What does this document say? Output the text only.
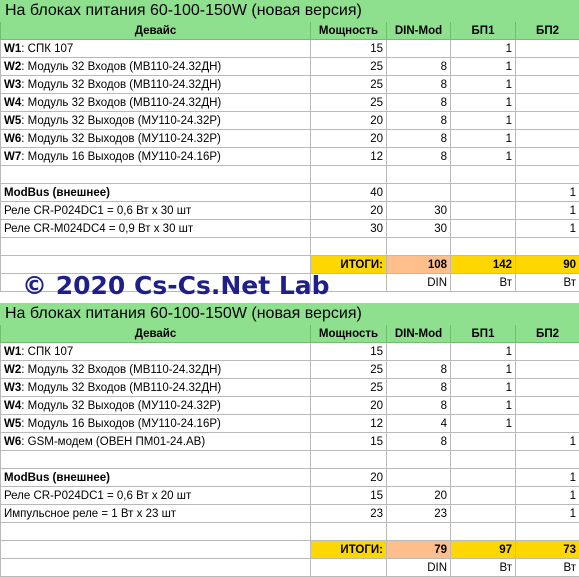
На блоках питания 60-100-150W (новая версия)				
Девайс	Мощность	DIN-Mod	БП1	БП2
W1: СПК 107	15		1	
W2: Модуль 32 Входов (МВ110-24.32ДН)	25	8	1	
W3: Модуль 32 Входов (МВ110-24.32ДН)	25	8	1	
W4: Модуль 32 Входов (МВ110-24.32ДН)	25	8	1	
W5: Модуль 32 Выходов (МУ110-24.32Р)	20	8	1	
W6: Модуль 32 Выходов (МУ110-24.32Р)	20	8	1	
W7: Модуль 16 Выходов (МУ110-24.16Р)	12	8	1	

ModBus (внешнее)	40			1
Реле CR-P024DC1 = 0,6 Вт x 30 шт	20	30		1
Реле CR-M024DC4 = 0,9 Вт x 30 шт	30	30		1

	ИТОГИ:	108	142	90
		DIN	Вт	Вт
© 2020 Cs-Cs.Net Lab
На блоках питания 60-100-150W (новая версия)				
Девайс	Мощность	DIN-Mod	БП1	БП2
W1: СПК 107	15		1	
W2: Модуль 32 Входов (МВ110-24.32ДН)	25	8	1	
W3: Модуль 32 Входов (МВ110-24.32ДН)	25	8	1	
W4: Модуль 32 Выходов (МУ110-24.32Р)	20	8	1	
W5: Модуль 16 Выходов (МУ110-24.16Р)	12	4	1	
W6: GSM-модем (ОВЕН ПМ01-24.АВ)	15	8		1

ModBus (внешнее)	20			1
Реле CR-P024DC1 = 0,6 Вт x 20 шт	15	20		1
Импульсное реле = 1 Вт x 23 шт	23	23		1

	ИТОГИ:	79	97	73
		DIN	Вт	Вт
